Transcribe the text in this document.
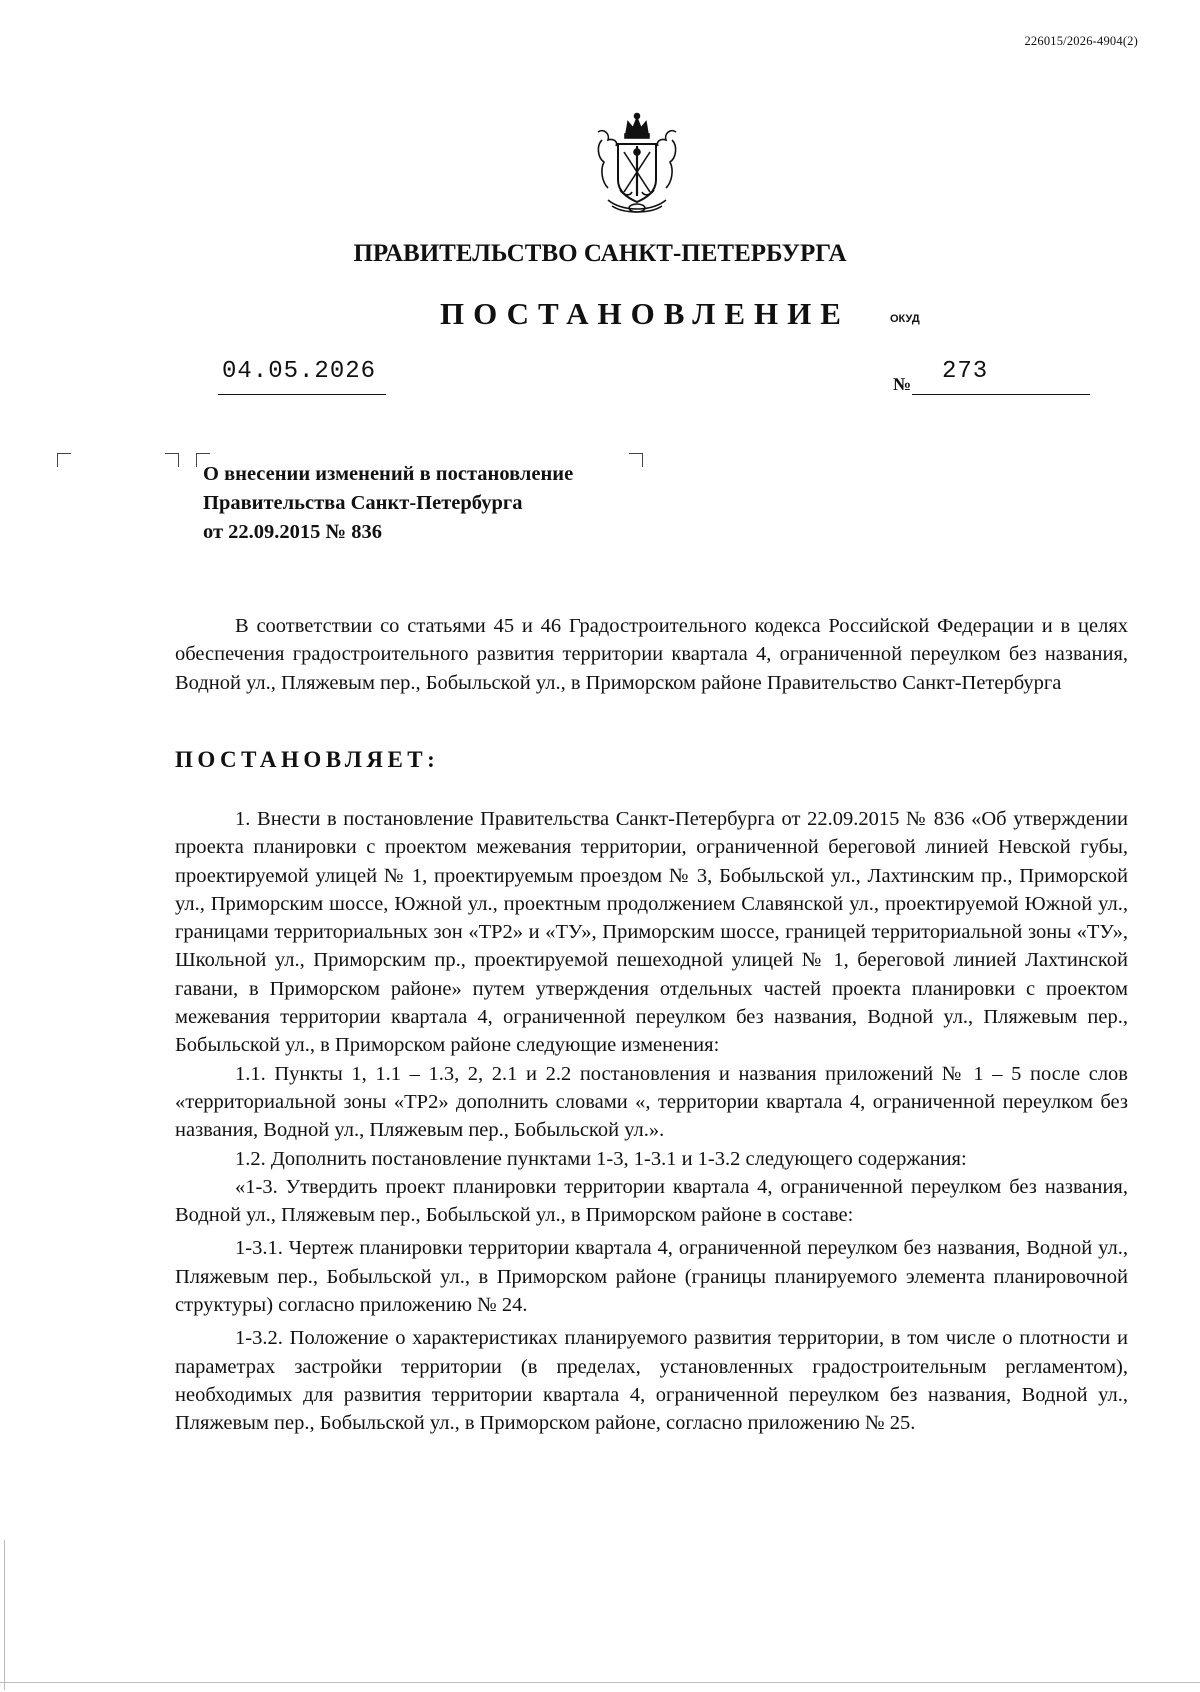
226015/2026-4904(2)
ПРАВИТЕЛЬСТВО САНКТ-ПЕТЕРБУРГА
ПОСТАНОВЛЕНИЕ	ОКУД
04.05.2026	№ 273
О внесении изменений в постановление
Правительства Санкт-Петербурга
от 22.09.2015 № 836

В соответствии со статьями 45 и 46 Градостроительного кодекса Российской Федерации и в целях обеспечения градостроительного развития территории квартала 4, ограниченной переулком без названия, Водной ул., Пляжевым пер., Бобыльской ул., в Приморском районе Правительство Санкт-Петербурга

ПОСТАНОВЛЯЕТ:

1. Внести в постановление Правительства Санкт-Петербурга от 22.09.2015 № 836 «Об утверждении проекта планировки с проектом межевания территории, ограниченной береговой линией Невской губы, проектируемой улицей № 1, проектируемым проездом № 3, Бобыльской ул., Лахтинским пр., Приморской ул., Приморским шоссе, Южной ул., проектным продолжением Славянской ул., проектируемой Южной ул., границами территориальных зон «ТР2» и «ТУ», Приморским шоссе, границей территориальной зоны «ТУ», Школьной ул., Приморским пр., проектируемой пешеходной улицей № 1, береговой линией Лахтинской гавани, в Приморском районе» путем утверждения отдельных частей проекта планировки с проектом межевания территории квартала 4, ограниченной переулком без названия, Водной ул., Пляжевым пер., Бобыльской ул., в Приморском районе следующие изменения:

1.1. Пункты 1, 1.1 – 1.3, 2, 2.1 и 2.2 постановления и названия приложений № 1 – 5 после слов «территориальной зоны «ТР2» дополнить словами «, территории квартала 4, ограниченной переулком без названия, Водной ул., Пляжевым пер., Бобыльской ул.».

1.2. Дополнить постановление пунктами 1-3, 1-3.1 и 1-3.2 следующего содержания:

«1-3. Утвердить проект планировки территории квартала 4, ограниченной переулком без названия, Водной ул., Пляжевым пер., Бобыльской ул., в Приморском районе в составе:

1-3.1. Чертеж планировки территории квартала 4, ограниченной переулком без названия, Водной ул., Пляжевым пер., Бобыльской ул., в Приморском районе (границы планируемого элемента планировочной структуры) согласно приложению № 24.

1-3.2. Положение о характеристиках планируемого развития территории, в том числе о плотности и параметрах застройки территории (в пределах, установленных градостроительным регламентом), необходимых для развития территории квартала 4, ограниченной переулком без названия, Водной ул., Пляжевым пер., Бобыльской ул., в Приморском районе, согласно приложению № 25.
